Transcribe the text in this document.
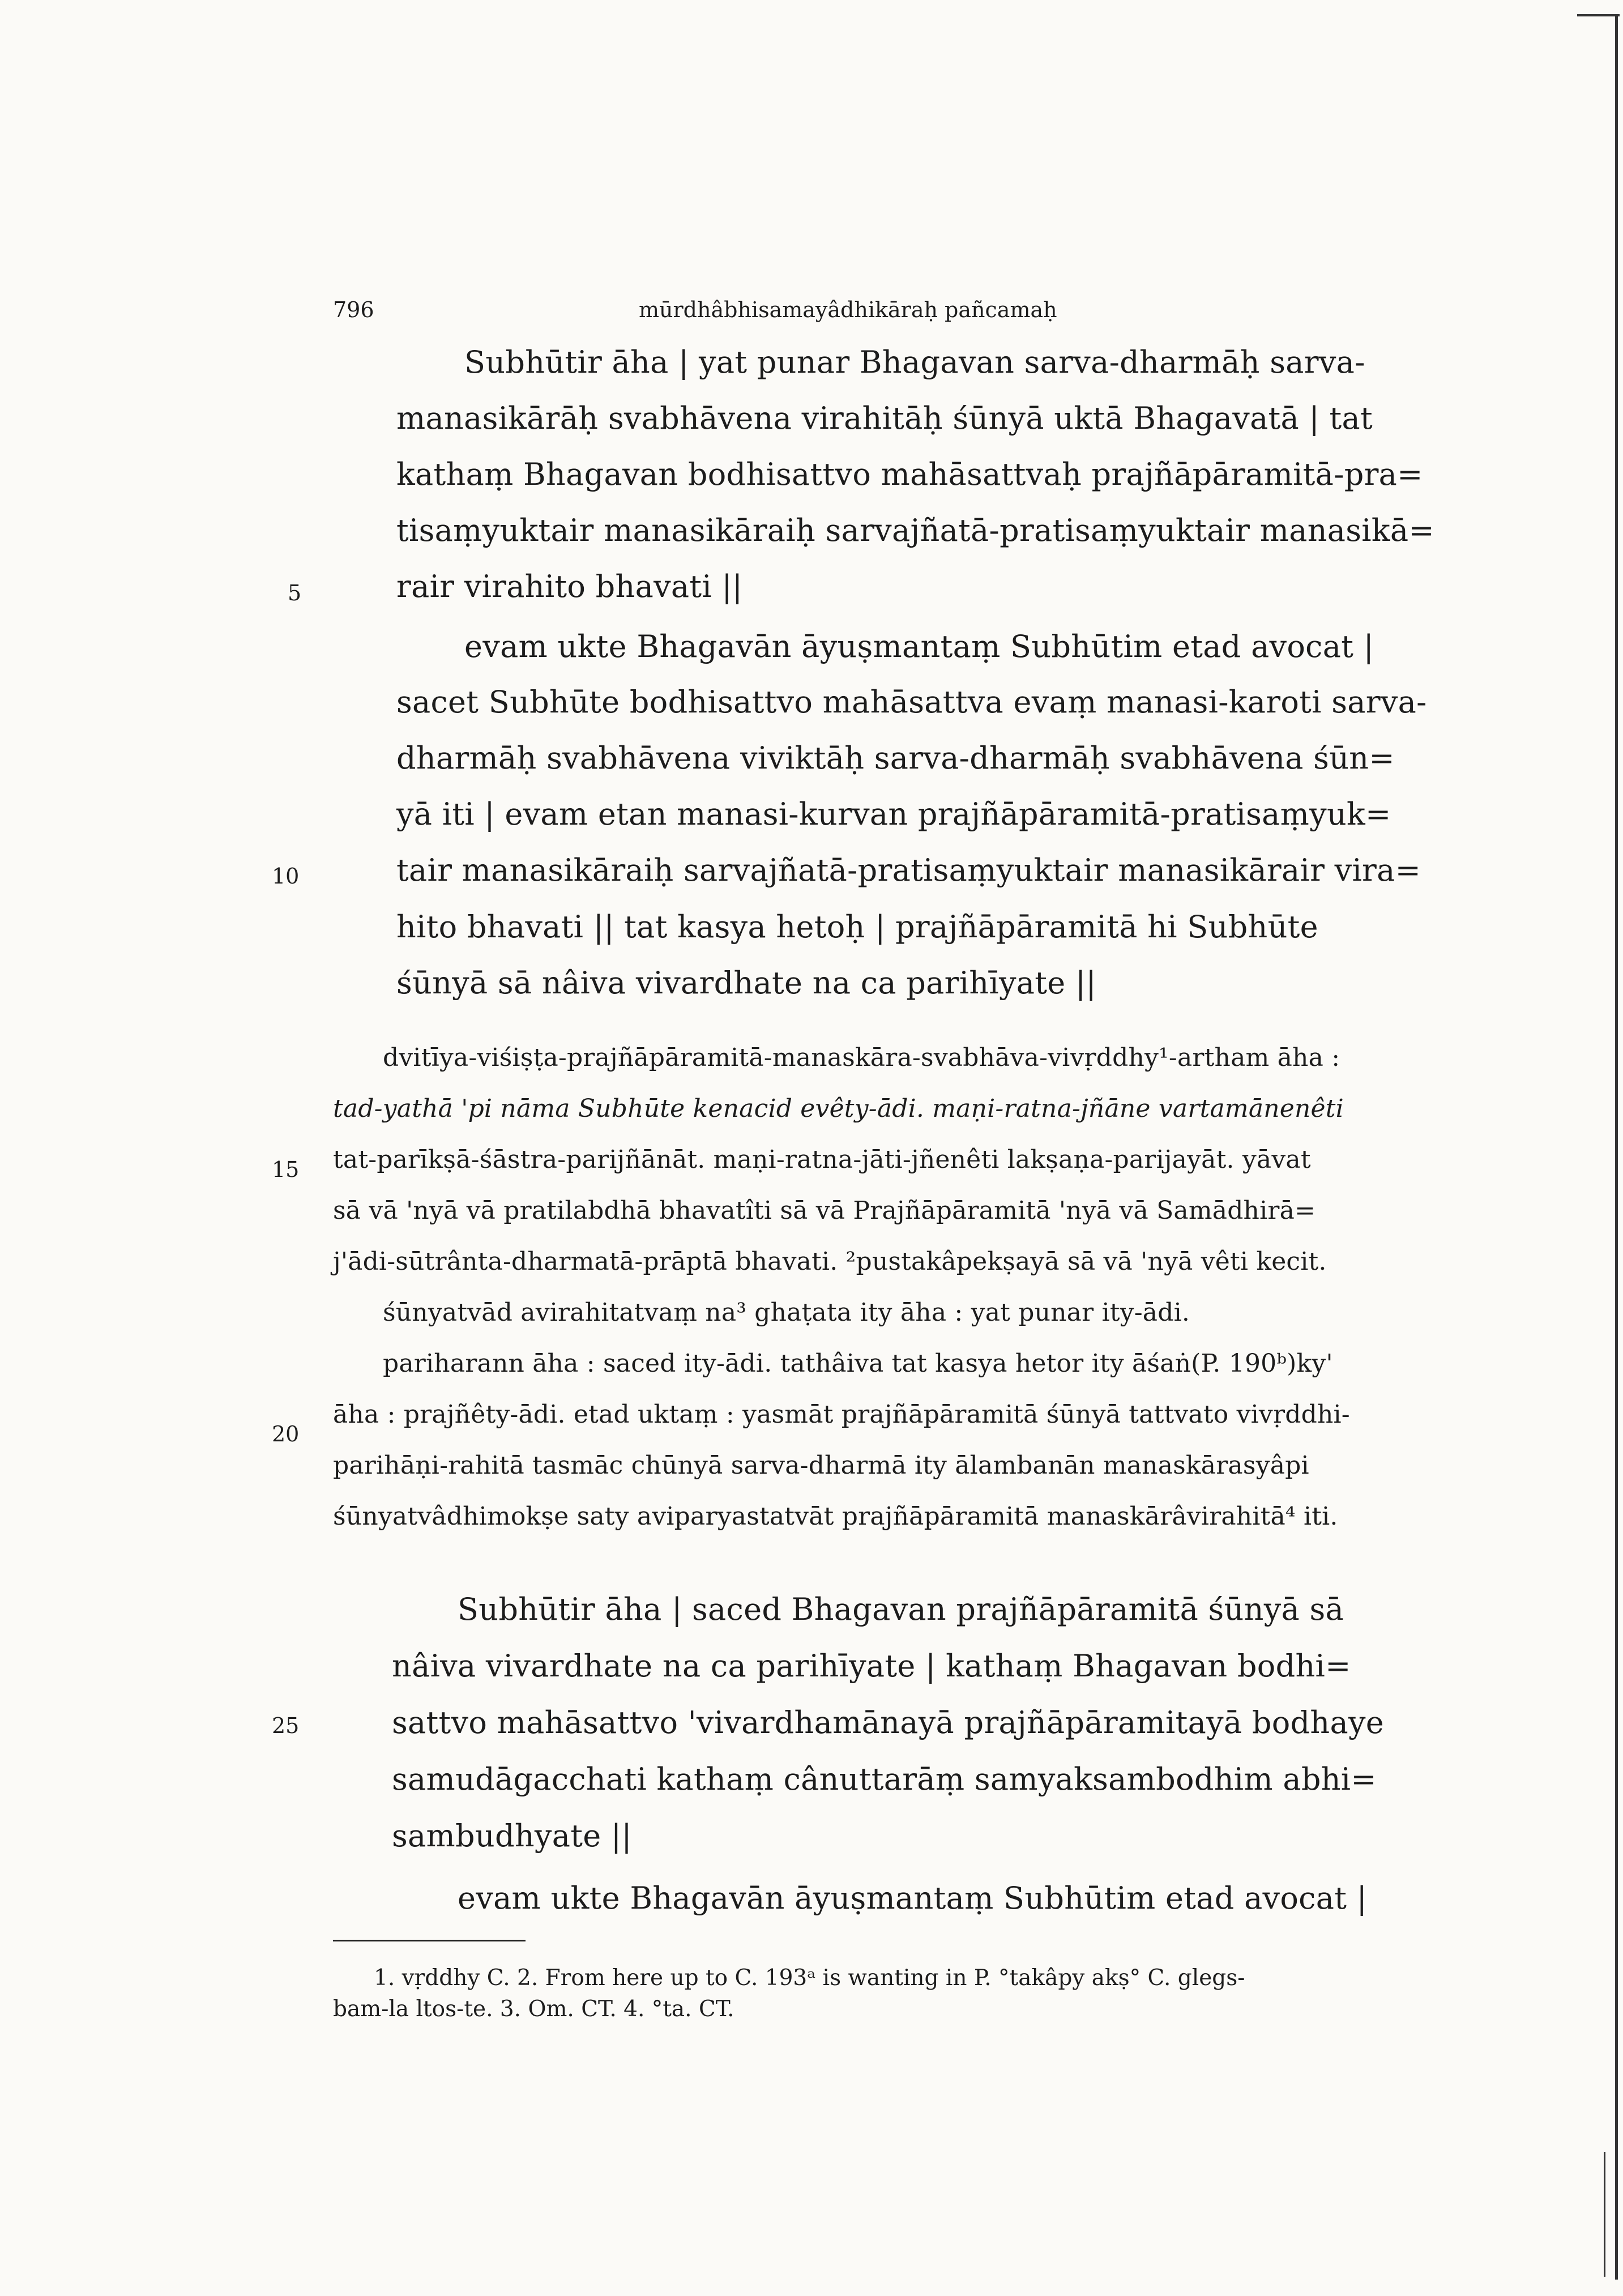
796	mūrdhâbhisamayâdhikāraḥ pañcamaḥ
5
10
15
20
25
Subhūtir āha | yat punar Bhagavan sarva-dharmāḥ sarva-
manasikārāḥ svabhāvena virahitāḥ śūnyā uktā Bhagavatā | tat
kathaṃ Bhagavan bodhisattvo mahāsattvaḥ prajñāpāramitā-pra=
tisaṃyuktair manasikāraiḥ sarvajñatā-pratisaṃyuktair manasikā=
rair virahito bhavati ||
evam ukte Bhagavān āyuṣmantaṃ Subhūtim etad avocat |
sacet Subhūte bodhisattvo mahāsattva evaṃ manasi-karoti sarva-
dharmāḥ svabhāvena viviktāḥ sarva-dharmāḥ svabhāvena śūn=
yā iti | evam etan manasi-kurvan prajñāpāramitā-pratisaṃyuk=
tair manasikāraiḥ sarvajñatā-pratisaṃyuktair manasikārair vira=
hito bhavati || tat kasya hetoḥ | prajñāpāramitā hi Subhūte
śūnyā sā nâiva vivardhate na ca parihīyate ||
dvitīya-viśiṣṭa-prajñāpāramitā-manaskāra-svabhāva-vivṛddhy¹-artham āha :
tad-yathā 'pi nāma Subhūte kenacid evêty-ādi. maṇi-ratna-jñāne vartamānenêti
tat-parīkṣā-śāstra-parijñānāt. maṇi-ratna-jāti-jñenêti lakṣaṇa-parijayāt. yāvat
sā vā 'nyā vā pratilabdhā bhavatîti sā vā Prajñāpāramitā 'nyā vā Samādhirā=
j'ādi-sūtrânta-dharmatā-prāptā bhavati. ²pustakâpekṣayā sā vā 'nyā vêti kecit.
śūnyatvād avirahitatvaṃ na³ ghaṭata ity āha : yat punar ity-ādi.
pariharann āha : saced ity-ādi. tathâiva tat kasya hetor ity āśaṅ(P. 190ᵇ)ky'
āha : prajñêty-ādi. etad uktaṃ : yasmāt prajñāpāramitā śūnyā tattvato vivṛddhi-
parihāṇi-rahitā tasmāc chūnyā sarva-dharmā ity ālambanān manaskārasyâpi
śūnyatvâdhimokṣe saty aviparyastatvāt prajñāpāramitā manaskārâvirahitā⁴ iti.
Subhūtir āha | saced Bhagavan prajñāpāramitā śūnyā sā
nâiva vivardhate na ca parihīyate | kathaṃ Bhagavan bodhi=
sattvo mahāsattvo 'vivardhamānayā prajñāpāramitayā bodhaye
samudāgacchati kathaṃ cânuttarāṃ samyaksambodhim abhi=
sambudhyate ||
evam ukte Bhagavān āyuṣmantaṃ Subhūtim etad avocat |
1. vṛddhy C. 2. From here up to C. 193ᵃ is wanting in P. °takâpy akṣ° C. glegs-
bam-la ltos-te. 3. Om. CT. 4. °ta. CT.
